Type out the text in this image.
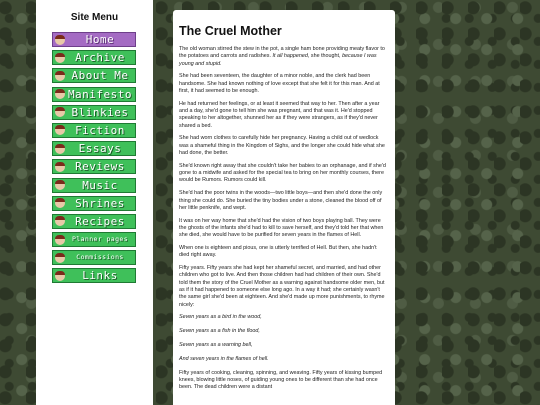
Site Menu
Home
Archive
About Me
Manifesto
Blinkies
Fiction
Essays
Reviews
Music
Shrines
Recipes
Planner pages
Commissions
Links
The Cruel Mother

The old woman stirred the stew in the pot, a single ham bone providing meaty flavor to the potatoes and carrots and radishes. It all happened, she thought, because I was young and stupid.

She had been seventeen, the daughter of a minor noble, and the clerk had been handsome. She had known nothing of love except that she felt it for this man. And at first, it had seemed to be enough.

He had returned her feelings, or at least it seemed that way to her. Then after a year and a day, she'd gone to tell him she was pregnant, and that was it. He'd stopped speaking to her altogether, shunned her as if they were strangers, as if they'd never shared a bed.

She had worn clothes to carefully hide her pregnancy. Having a child out of wedlock was a shameful thing in the Kingdom of Sighs, and the longer she could hide what she had done, the better.

She'd known right away that she couldn't take her babies to an orphanage, and if she'd gone to a midwife and asked for the special tea to bring on her monthly courses, there would be Rumors. Rumors could kill.

She'd had the poor twins in the woods—two little boys—and then she'd done the only thing she could do. She buried the tiny bodies under a stone, cleaned the blood off of her little penknife, and wept.

It was on her way home that she'd had the vision of two boys playing ball. They were the ghosts of the infants she'd had to kill to save herself, and they'd told her that when she died, she would have to be purified for seven years in the flames of Hell.

When one is eighteen and pious, one is utterly terrified of Hell. But then, she hadn't died right away.

Fifty years. Fifty years she had kept her shameful secret, and married, and had other children who got to live. And then those children had had children of their own. She'd told them the story of the Cruel Mother as a warning against handsome older men, but as if it had happened to someone else long ago. In a way it had; she certainly wasn't the same girl she'd been at eighteen. And she'd made up more punishments, to rhyme nicely:

Seven years as a bird in the wood,

Seven years as a fish in the flood,

Seven years as a warning bell,

And seven years in the flames of hell.

Fifty years of cooking, cleaning, spinning, and weaving. Fifty years of kissing bumped knees, blowing little noses, of guiding young ones to be different than she had once been. The dead children were a distant
